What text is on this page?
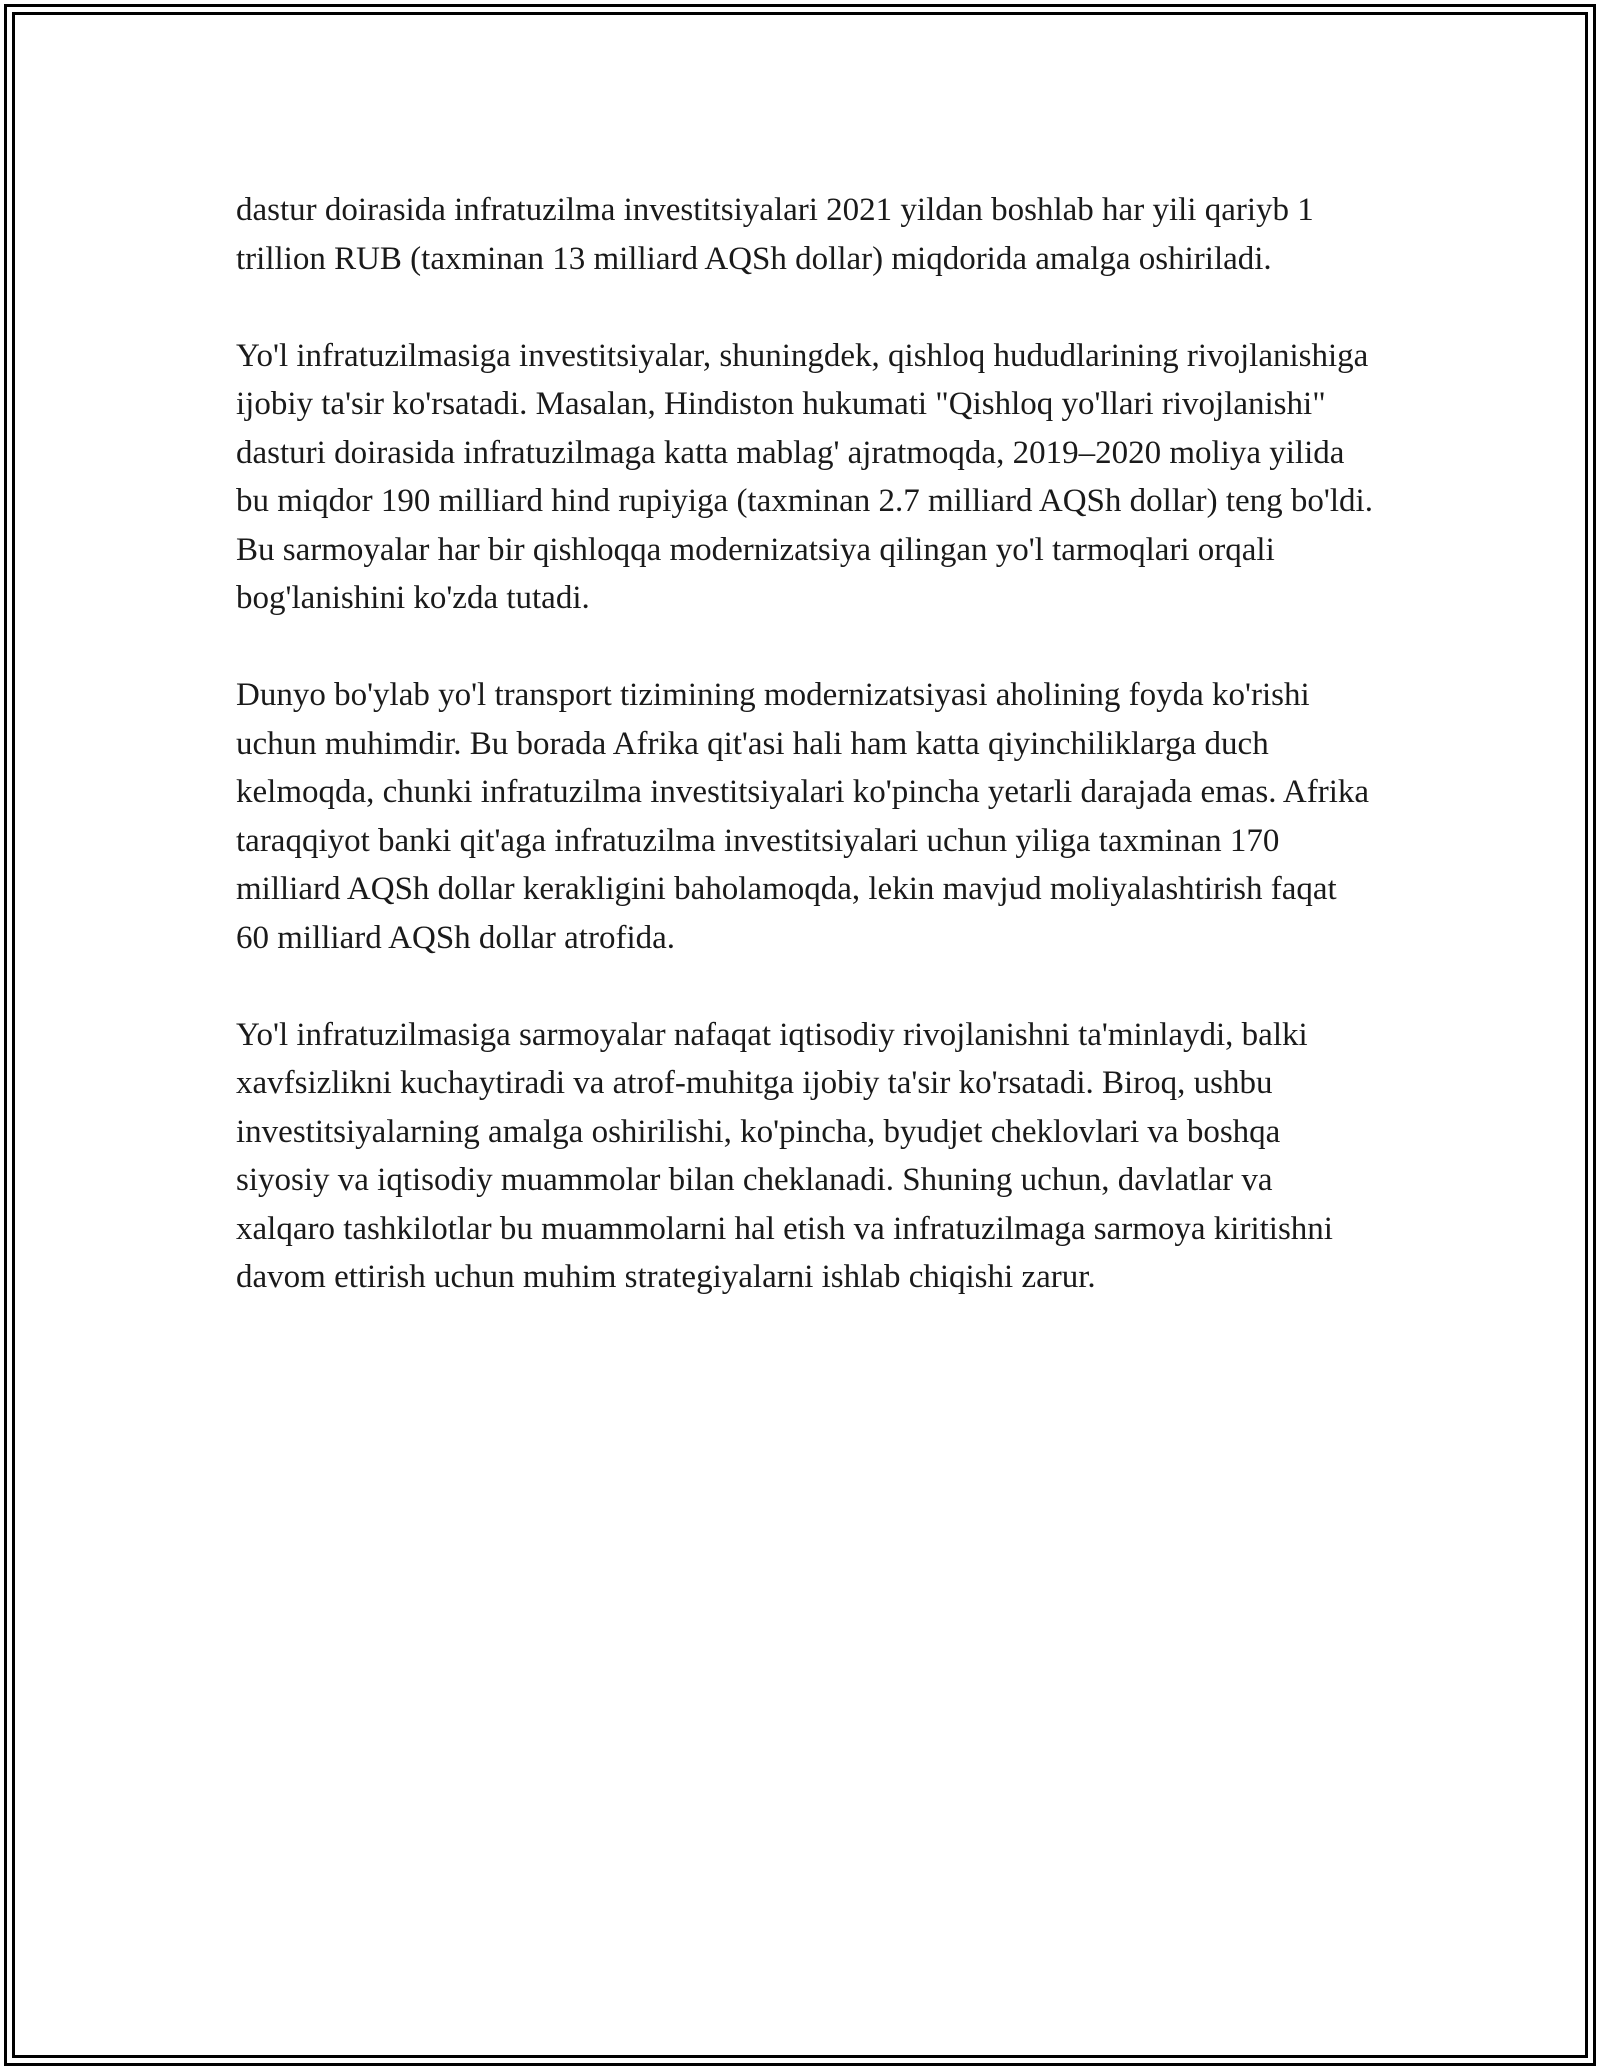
dastur doirasida infratuzilma investitsiyalari 2021 yildan boshlab har yili qariyb 1 trillion RUB (taxminan 13 milliard AQSh dollar) miqdorida amalga oshiriladi.

Yo'l infratuzilmasiga investitsiyalar, shuningdek, qishloq hududlarining rivojlanishiga ijobiy ta'sir ko'rsatadi. Masalan, Hindiston hukumati "Qishloq yo'llari rivojlanishi" dasturi doirasida infratuzilmaga katta mablag' ajratmoqda, 2019–2020 moliya yilida bu miqdor 190 milliard hind rupiyiga (taxminan 2.7 milliard AQSh dollar) teng bo'ldi. Bu sarmoyalar har bir qishloqqa modernizatsiya qilingan yo'l tarmoqlari orqali bog'lanishini ko'zda tutadi.

Dunyo bo'ylab yo'l transport tizimining modernizatsiyasi aholining foyda ko'rishi uchun muhimdir. Bu borada Afrika qit'asi hali ham katta qiyinchiliklarga duch kelmoqda, chunki infratuzilma investitsiyalari ko'pincha yetarli darajada emas. Afrika taraqqiyot banki qit'aga infratuzilma investitsiyalari uchun yiliga taxminan 170 milliard AQSh dollar kerakligini baholamoqda, lekin mavjud moliyalashtirish faqat 60 milliard AQSh dollar atrofida.

Yo'l infratuzilmasiga sarmoyalar nafaqat iqtisodiy rivojlanishni ta'minlaydi, balki xavfsizlikni kuchaytiradi va atrof-muhitga ijobiy ta'sir ko'rsatadi. Biroq, ushbu investitsiyalarning amalga oshirilishi, ko'pincha, byudjet cheklovlari va boshqa siyosiy va iqtisodiy muammolar bilan cheklanadi. Shuning uchun, davlatlar va xalqaro tashkilotlar bu muammolarni hal etish va infratuzilmaga sarmoya kiritishni davom ettirish uchun muhim strategiyalarni ishlab chiqishi zarur.
